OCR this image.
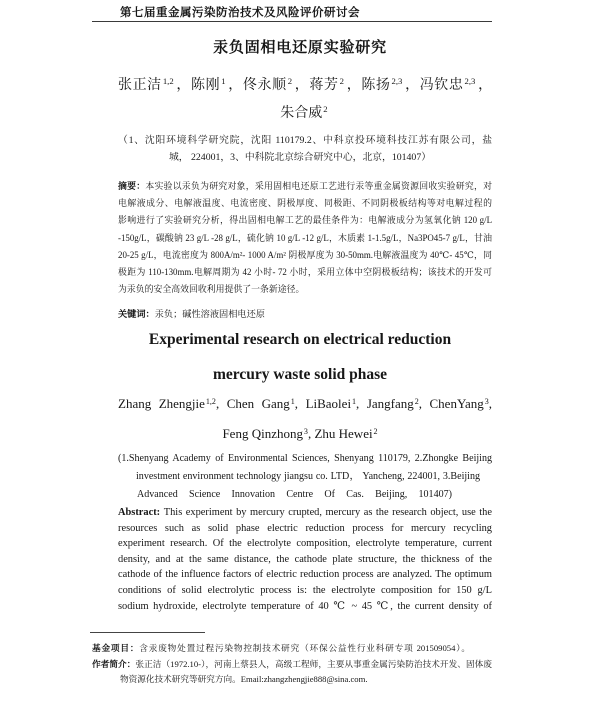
第七届重金属污染防治技术及风险评价研讨会
汞负固相电还原实验研究
张正洁$^{1,2}$ ，陈刚$^1$ ，佟永顺$^2$ ，蒋芳$^2$ ，陈扬$^{2,3}$ ，冯钦忠$^{2,3}$ ，
朱合威$^2$
（1、沈阳环境科学研究院，沈阳 110179.2、中科京投环境科技江苏有限公司，盐
城， 224001，3、中科院北京综合研究中心，北京，101407）
摘要：本实验以汞负为研究对象，采用固相电还原工艺进行汞等重金属资源回收实验研究，对
电解液成分、电解液温度、电流密度、阴极厚度、同极距、不同阴极板结构等对电解过程的
影响进行了实验研究分析，得出固相电解工艺的最佳条件为：电解液成分为氢氧化钠 120 g/L
-150g/L，碳酸钠 23 g/L -28 g/L，硫化钠 10 g/L -12 g/L，木质素 1-1.5g/L，Na3PO45-7 g/L，甘油
20-25 g/L，电流密度为 800A/m²- 1000 A/m² 阴极厚度为 30-50mm.电解液温度为 40℃- 45℃，同
极距为 110-130mm.电解周期为 42 小时- 72 小时，采用立体中空阴极板结构；该技术的开发可
为汞负的安全高效回收利用提供了一条新途径。
关键词：汞负；碱性溶液固相电还原
Experimental research on electrical reduction
mercury waste solid phase
Zhang Zhengjie$^{1,2}$, Chen Gang$^1$, LiBaolei$^1$, Jangfang$^2$, ChenYang$^3$,
Feng Qinzhong$^3$, Zhu Hewei$^2$
(1.Shenyang Academy of Environmental Sciences, Shenyang 110179, 2.Zhongke Beijing
investment environment technology jiangsu co. LTD， Yancheng, 224001, 3.Beijing
Advanced Science Innovation Centre Of Cas. Beijing, 101407)
Abstract: This experiment by mercury crupted, mercury as the research object, use the
resources such as solid phase electric reduction process for mercury recycling
experiment research. Of the electrolyte composition, electrolyte temperature, current
density, and at the same distance, the cathode plate structure, the thickness of the
cathode of the influence factors of electric reduction process are analyzed. The optimum
conditions of solid electrolytic process is: the electrolyte composition for 150 g/L
sodium hydroxide, electrolyte temperature of 40 ℃ ~ 45 ℃, the current density of
基金项目：含汞废物处置过程污染物控制技术研究（环保公益性行业科研专项 201509054）。
作者简介：张正洁（1972.10-），河南上蔡县人，高级工程师，主要从事重金属污染防治技术开发、固体废
物资源化技术研究等研究方向。Email:zhangzhengjie888@sina.com.
